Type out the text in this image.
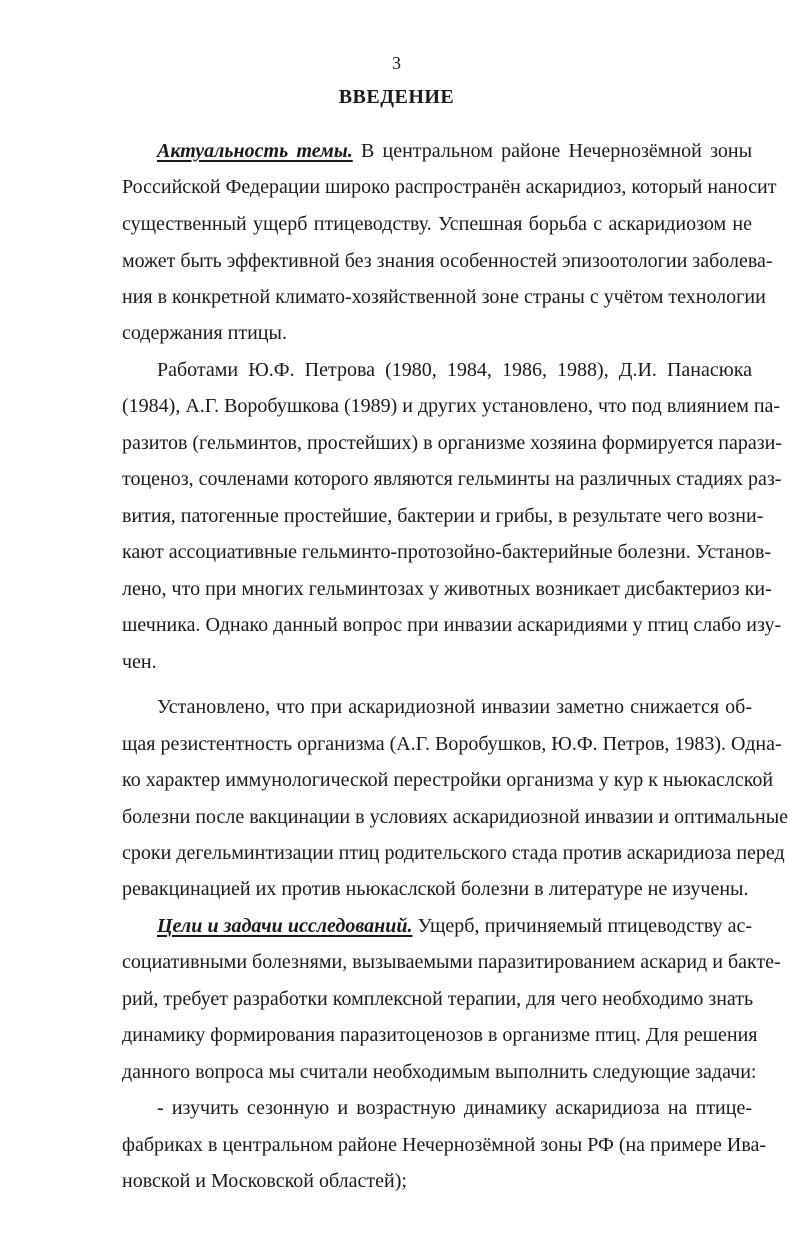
3
ВВЕДЕНИЕ
Актуальность темы. В центральном районе Нечернозёмной зоны
Российской Федерации широко распространён аскаридиоз, который наносит
существенный ущерб птицеводству. Успешная борьба с аскаридиозом не
может быть эффективной без знания особенностей эпизоотологии заболева-
ния в конкретной климато-хозяйственной зоне страны с учётом технологии
содержания птицы.
Работами Ю.Ф. Петрова (1980, 1984, 1986, 1988), Д.И. Панасюка
(1984), А.Г. Воробушкова (1989) и других установлено, что под влиянием па-
разитов (гельминтов, простейших) в организме хозяина формируется парази-
тоценоз, сочленами которого являются гельминты на различных стадиях раз-
вития, патогенные простейшие, бактерии и грибы, в результате чего возни-
кают ассоциативные гельминто-протозойно-бактерийные болезни. Установ-
лено, что при многих гельминтозах у животных возникает дисбактериоз ки-
шечника. Однако данный вопрос при инвазии аскаридиями у птиц слабо изу-
чен.
Установлено, что при аскаридиозной инвазии заметно снижается об-
щая резистентность организма (А.Г. Воробушков, Ю.Ф. Петров, 1983). Одна-
ко характер иммунологической перестройки организма у кур к ньюкаслской
болезни после вакцинации в условиях аскаридиозной инвазии и оптимальные
сроки дегельминтизации птиц родительского стада против аскаридиоза перед
ревакцинацией их против ньюкаслской болезни в литературе не изучены.
Цели и задачи исследований. Ущерб, причиняемый птицеводству ас-
социативными болезнями, вызываемыми паразитированием аскарид и бакте-
рий, требует разработки комплексной терапии, для чего необходимо знать
динамику формирования паразитоценозов в организме птиц. Для решения
данного вопроса мы считали необходимым выполнить следующие задачи:
- изучить сезонную и возрастную динамику аскаридиоза на птице-
фабриках в центральном районе Нечернозёмной зоны РФ (на примере Ива-
новской и Московской областей);
